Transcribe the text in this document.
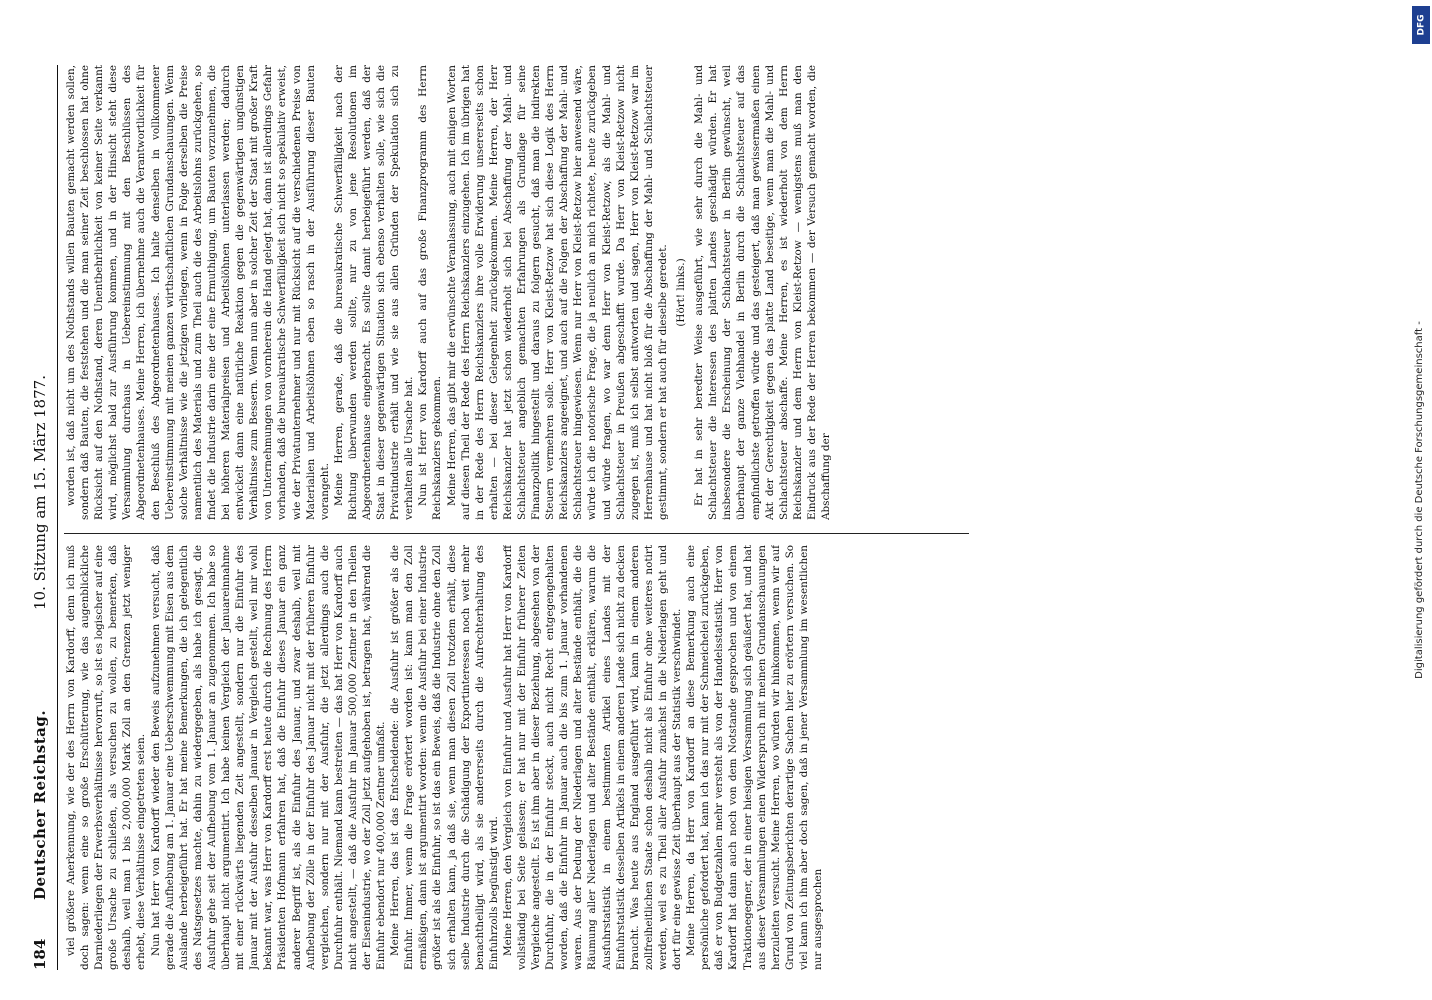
184
Deutscher Reichstag.
10. Sitzung am 15. März 1877.

viel größere Anerkennung, wie der des Herrn von Kardorff, denn ich muß doch sagen: wenn eine so große Erschütterung, wie das augenblickliche Darniederliegen der Erwerbsverhältnisse hervorruft, so ist es logischer auf eine große Ursache zu schließen, als versuchen zu wollen, zu bemerken, daß deshalb, weil man 1 bis 2,000,000 Mark Zoll an den Grenzen jetzt weniger erhebt, diese Verhältnisse eingetreten seien. Nun hat Herr von Kardorff wieder den Beweis aufzunehmen versucht, daß gerade die Aufhebung am 1. Januar eine Ueberschwemmung mit Eisen aus dem Auslande herbeigeführt hat. Er hat meine Bemerkungen, die ich gelegentlich des Natsgesetzes machte, dahin zu wiedergegeben, als habe ich gesagt, die Ausfuhr gehe seit der Aufhebung vom 1. Januar an zugenommen. Ich habe so überhaupt nicht argumentirt. Ich habe keinen Vergleich der Januareinnahme mit einer rückwärts liegenden Zeit angestellt, sondern nur die Einfuhr des Januar mit der Ausfuhr desselben Januar in Vergleich gestellt, weil mir wohl bekannt war, was Herr von Kardorff erst heute durch die Rechnung des Herrn Präsidenten Hofmann erfahren hat, daß die Einfuhr dieses Januar ein ganz anderer Begriff ist, als die Einfuhr des Januar, und zwar deshalb, weil mit Aufhebung der Zölle in der Einfuhr des Januar nicht mit der früheren Einfuhr vergleichen, sondern nur mit der Ausfuhr, die jetzt allerdings auch die Durchfuhr enthält. Niemand kann bestreiten — das hat Herr von Kardorff auch nicht angestellt, — daß die Ausfuhr im Januar 500,000 Zentner in den Theilen der Eisenindustrie, wo der Zoll jetzt aufgehoben ist, betragen hat, während die Einfuhr ebendort nur 400,000 Zentner umfaßt. Meine Herren, das ist das Entscheidende: die Ausfuhr ist größer als die Einfuhr. Immer, wenn die Frage erörtert worden ist: kann man den Zoll ermäßigen, dann ist argumentirt worden: wenn die Ausfuhr bei einer Industrie größer ist als die Einfuhr, so ist das ein Beweis, daß die Industrie ohne den Zoll sich erhalten kann, ja daß sie, wenn man diesen Zoll trotzdem erhält, diese selbe Industrie durch die Schädigung der Exportinteressen noch weit mehr benachtheiligt wird, als sie andererseits durch die Aufrechterhaltung des Einfuhrzolls begünstigt wird. Meine Herren, den Vergleich von Einfuhr und Ausfuhr hat Herr von Kardorff vollständig bei Seite gelassen; er hat nur mit der Einfuhr früherer Zeiten Vergleiche angestellt. Es ist ihm aber in dieser Beziehung, abgesehen von der Durchfuhr, die in der Einfuhr steckt, auch nicht Recht entgegengehalten worden, daß die Einfuhr im Januar auch die bis zum 1. Januar vorhandenen waren. Aus der Dedung der Niederlagen und alter Bestände enthält, die die Räumung aller Niederlagen und alter Bestände enthält, erklären, warum die Ausfuhrstatistik in einem bestimmten Artikel eines Landes mit der Einfuhrstatistik desselben Artikels in einem anderen Lande sich nicht zu decken braucht. Was heute aus England ausgeführt wird, kann in einem anderen zollfreiheitlichen Staate schon deshalb nicht als Einfuhr ohne weiteres notirt werden, weil es zu Theil aller Ausfuhr zunächst in die Niederlagen geht und dort für eine gewisse Zeit überhaupt aus der Statistik verschwindet. Meine Herren, da Herr von Kardorff an diese Bemerkung auch eine persönliche gefordert hat, kann ich das nur mit der Schmeichelei zurückgeben, daß er von Budgetzahlen mehr versteht als von der Handelsstatistik. Herr von Kardorff hat dann auch noch von dem Notstande gesprochen und von einem Traktionegegner, der in einer hiesigen Versammlung sich geäußert hat, und hat aus dieser Versammlungen einen Widerspruch mit meinen Grundanschauungen herzuleiten versucht. Meine Herren, wo würden wir hinkommen, wenn wir auf Grund von Zeitungsberichten derartige Sachen hier zu erörtern versuchen. So viel kann ich ihm aber doch sagen, daß in jener Versammlung im wesentlichen nur ausgesprochen

worden ist, daß nicht um des Nothstands willen Bauten gemacht werden sollen, sondern daß Bauten, die feststehen und die man seiner Zeit beschlossen hat ohne Rücksicht auf den Nothstand, deren Unentbehrlichkeit von keiner Seite verkannt wird, möglichst bald zur Ausführung kommen, und in der Hinsicht steht diese Versammlung durchaus in Uebereinstimmung mit den Beschlüssen des Abgeordnetenhauses. Meine Herren, ich übernehme auch die Verantwortlichkeit für den Beschluß des Abgeordnetenhauses. Ich halte denselben in vollkommener Uebereinstimmung mit meinen ganzen wirthschaftlichen Grundanschauungen. Wenn solche Verhältnisse wie die jetzigen vorliegen, wenn in Folge derselben die Preise namentlich des Materials und zum Theil auch die des Arbeitslohns zurückgehen, so findet die Industrie darin eine der eine Ermuthigung, um Bauten vorzunehmen, die bei höheren Materialpreisen und Arbeitslöhnen unterlassen werden; dadurch entwickelt dann eine natürliche Reaktion gegen die gegenwärtigen ungünstigen Verhältnisse zum Bessern. Wenn nun aber in solcher Zeit der Staat mit großer Kraft von Unternehmungen von vornherein die Hand gelegt hat, dann ist allerdings Gefahr vorhanden, daß die bureaukratische Schwerfälligkeit sich nicht so spekulativ erweist, wie der Privatunternehmer und nur mit Rücksicht auf die verschiedenen Preise von Materialien und Arbeitslöhnen eben so rasch in der Ausführung dieser Bauten vorangeht. Meine Herren, gerade, daß die bureaukratische Schwerfälligkeit nach der Richtung überwunden werden sollte, nur zu von jene Resolutionen im Abgeordnetenhause eingebracht. Es sollte damit herbeigeführt werden, daß der Staat in dieser gegenwärtigen Situation sich ebenso verhalten solle, wie sich die Privatindustrie erhält und wie sie aus allen Gründen der Spekulation sich zu verhalten alle Ursache hat. Nun ist Herr von Kardorff auch auf das große Finanzprogramm des Herrn Reichskanzlers gekommen. Meine Herren, das gibt mir die erwünschte Veranlassung, auch mit einigen Worten auf diesen Theil der Rede des Herrn Reichskanzlers einzugehen. Ich im übrigen hat in der Rede des Herrn Reichskanzlers ihre volle Erwiderung unsererseits schon erhalten — bei dieser Gelegenheit zurückgekommen. Meine Herren, der Herr Reichskanzler hat jetzt schon wiederholt sich bei Abschaffung der Mahl- und Schlachtsteuer angeblich gemachten Erfahrungen als Grundlage für seine Finanzpolitik hingestellt und daraus zu folgern gesucht, daß man die indirekten Steuern vermehren solle. Herr von Kleist-Retzow hat sich diese Logik des Herrn Reichskanzlers angeeignet, und auch auf die Folgen der Abschaffung der Mahl- und Schlachtsteuer hingewiesen. Wenn nur Herr von Kleist-Retzow hier anwesend wäre, würde ich die notorische Frage, die ja neulich an mich richtete, heute zurückgeben und würde fragen, wo war denn Herr von Kleist-Retzow, als die Mahl- und Schlachtsteuer in Preußen abgeschafft wurde. Da Herr von Kleist-Retzow nicht zugegen ist, muß ich selbst antworten und sagen, Herr von Kleist-Retzow war im Herrenhause und hat nicht bloß für die Abschaffung der Mahl- und Schlachtsteuer gestimmt, sondern er hat auch für dieselbe geredet. (Hört! links.) Er hat in sehr beredter Weise ausgeführt, wie sehr durch die Mahl- und Schlachtsteuer die Interessen des platten Landes geschädigt würden. Er hat insbesondere die Erscheinung der Schlachtsteuer in Berlin gewünscht, weil überhaupt der ganze Viehhandel in Berlin durch die Schlachtsteuer auf das empfindlichste getroffen würde und das gesteigert, daß man gewissermaßen einen Akt der Gerechtigkeit gegen das platte Land beseitige, wenn man die Mahl- und Schlachtsteuer abschaffe. Meine Herren, es ist wiederholt von dem Herrn Reichskanzler und dem Herrn von Kleist-Retzow — wenigstens muß man den Eindruck aus der Rede der Herren bekommen — der Versuch gemacht worden, die Abschaffung der	Digitalisierung gefördert durch die Deutsche Forschungsgemeinschaft -
DFG
